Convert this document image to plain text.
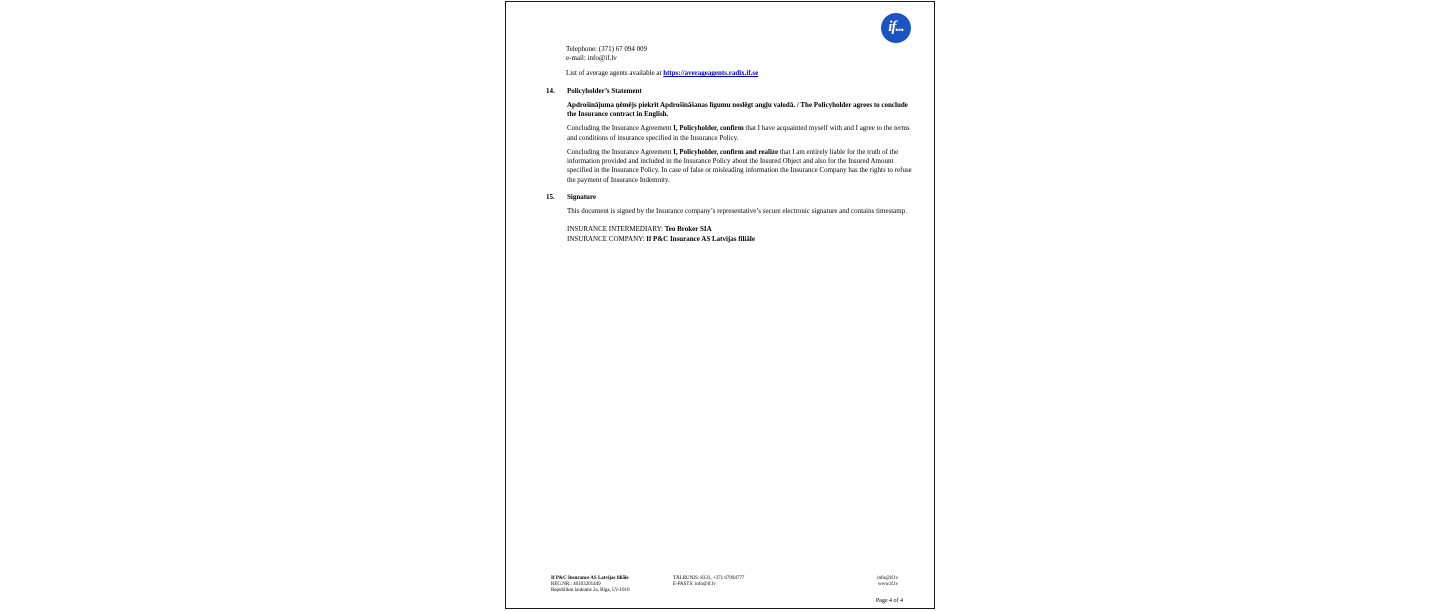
if...
Telephone: (371) 67 094 009
e-mail: info@if.lv
List of average agents available at https://averageagents.radix.if.se
14. Policyholder’s Statement

Apdrošinājuma ņēmējs piekrīt Apdrošināšanas līgumu noslēgt angļu valodā. / The Policyholder agrees to conclude the Insurance contract in English.

Concluding the Insurance Agreement I, Policyholder, confirm that I have acquainted myself with and I agree to the terms and conditions of insurance specified in the Insurance Policy.

Concluding the Insurance Agreement I, Policyholder, confirm and realize that I am entirely liable for the truth of the information provided and included in the Insurance Policy about the Insured Object and also for the Insured Amount specified in the Insurance Policy. In case of false or misleading information the Insurance Company has the rights to refuse the payment of Insurance Indemnity.

15. Signature

This document is signed by the Insurance company’s representative’s secure electronic signature and contains timestamp.

INSURANCE INTERMEDIARY: Teo Broker SIA
INSURANCE COMPANY: If P&C Insurance AS Latvijas filiāle

If P&C Insurance AS Latvijas filiāle
REG.NR.: 40103201449
Republikas laukums 2a, Rīga, LV-1010
TĀLRUNIS: 8333, +371 67094777
E-PASTS: info@if.lv
info@if.lv
www.if.lv
Page 4 of 4
